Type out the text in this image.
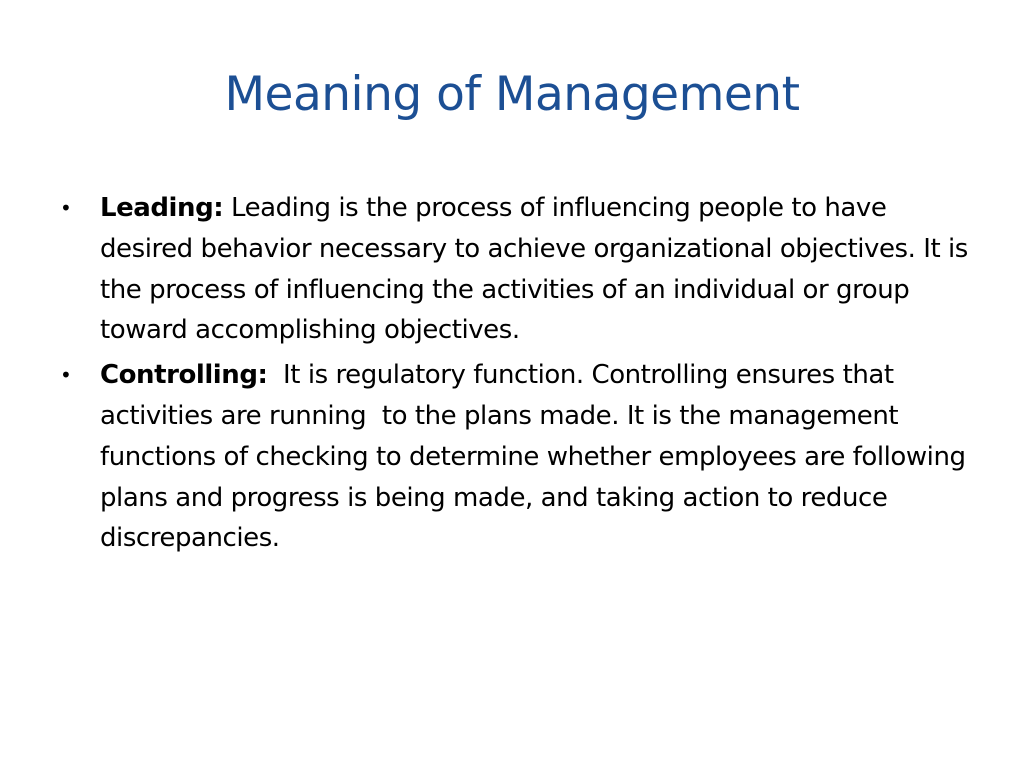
Meaning of Management
• Leading: Leading is the process of influencing people to have desired behavior necessary to achieve organizational objectives. It is the process of influencing the activities of an individual or group toward accomplishing objectives.
• Controlling:  It is regulatory function. Controlling ensures that activities are running  to the plans made. It is the management functions of checking to determine whether employees are following plans and progress is being made, and taking action to reduce discrepancies.
